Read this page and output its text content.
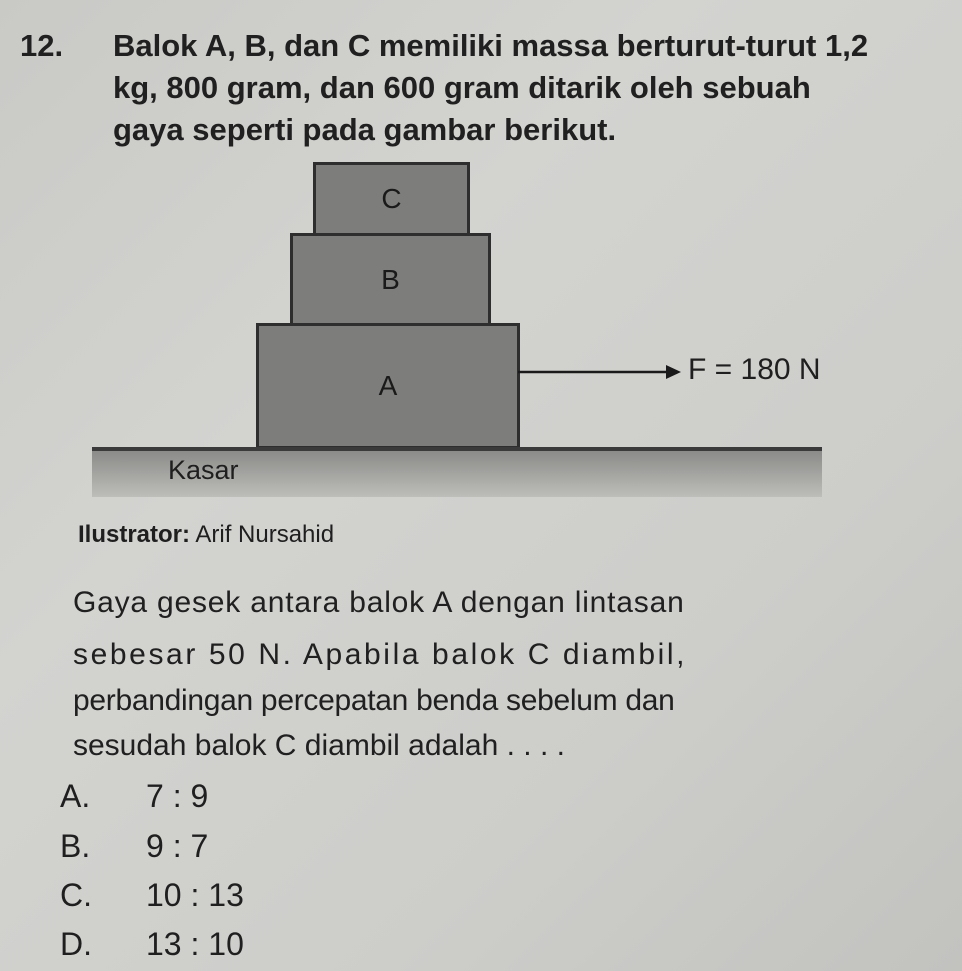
12. Balok A, B, dan C memiliki massa berturut-turut 1,2
kg, 800 gram, dan 600 gram ditarik oleh sebuah
gaya seperti pada gambar berikut.
C
B
A
Kasar
F = 180 N
Ilustrator: Arif Nursahid
Gaya gesek antara balok A dengan lintasan
sebesar 50 N. Apabila balok C diambil,
perbandingan percepatan benda sebelum dan
sesudah balok C diambil adalah . . . .
A. 7 : 9
B. 9 : 7
C. 10 : 13
D. 13 : 10
